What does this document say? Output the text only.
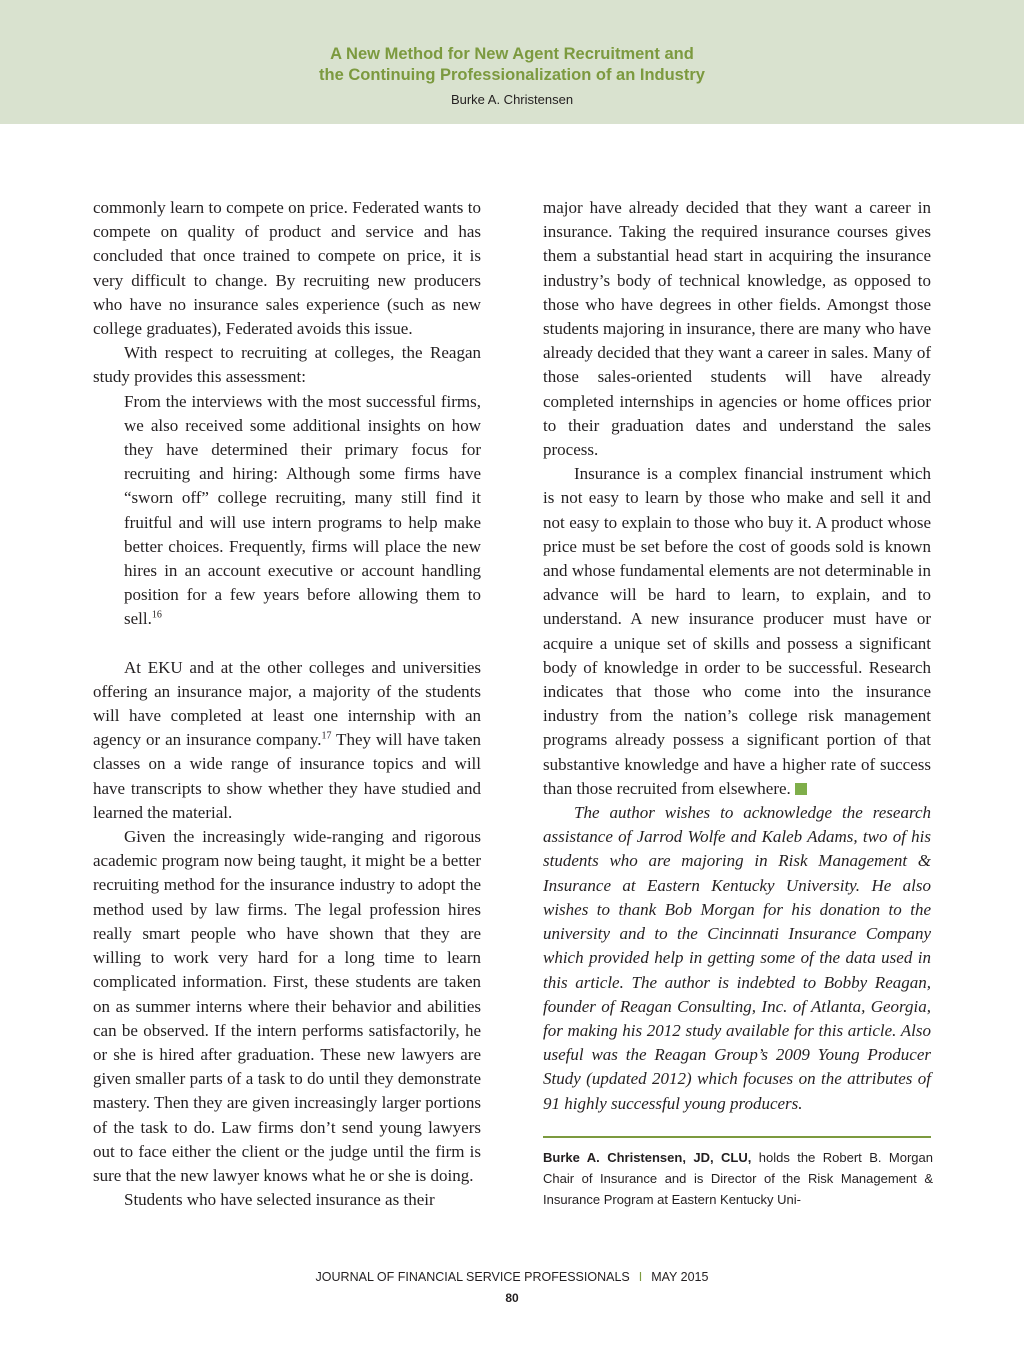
A New Method for New Agent Recruitment and
the Continuing Professionalization of an Industry
Burke A. Christensen

commonly learn to compete on price. Federated wants to compete on quality of product and service and has concluded that once trained to compete on price, it is very difficult to change. By recruiting new producers who have no insurance sales experience (such as new college graduates), Federated avoids this issue.

With respect to recruiting at colleges, the Reagan study provides this assessment:

From the interviews with the most successful firms, we also received some additional insights on how they have determined their primary focus for recruiting and hiring: Although some firms have “sworn off” college recruiting, many still find it fruitful and will use intern programs to help make better choices. Frequently, firms will place the new hires in an account executive or account handling position for a few years before allowing them to sell.$^{16}$

At EKU and at the other colleges and universities offering an insurance major, a majority of the students will have completed at least one internship with an agency or an insurance company.$^{17}$ They will have taken classes on a wide range of insurance topics and will have transcripts to show whether they have studied and learned the material.

Given the increasingly wide-ranging and rigorous academic program now being taught, it might be a better recruiting method for the insurance industry to adopt the method used by law firms. The legal profession hires really smart people who have shown that they are willing to work very hard for a long time to learn complicated information. First, these students are taken on as summer interns where their behavior and abilities can be observed. If the intern performs satisfactorily, he or she is hired after graduation. These new lawyers are given smaller parts of a task to do until they demonstrate mastery. Then they are given increasingly larger portions of the task to do. Law firms don’t send young lawyers out to face either the client or the judge until the firm is sure that the new lawyer knows what he or she is doing.

Students who have selected insurance as their

major have already decided that they want a career in insurance. Taking the required insurance courses gives them a substantial head start in acquiring the insurance industry’s body of technical knowledge, as opposed to those who have degrees in other fields. Amongst those students majoring in insurance, there are many who have already decided that they want a career in sales. Many of those sales-oriented students will have already completed internships in agencies or home offices prior to their graduation dates and understand the sales process.

Insurance is a complex financial instrument which is not easy to learn by those who make and sell it and not easy to explain to those who buy it. A product whose price must be set before the cost of goods sold is known and whose fundamental elements are not determinable in advance will be hard to learn, to explain, and to understand. A new insurance producer must have or acquire a unique set of skills and possess a significant body of knowledge in order to be successful. Research indicates that those who come into the insurance industry from the nation’s college risk management programs already possess a significant portion of that substantive knowledge and have a higher rate of success than those recruited from elsewhere.

The author wishes to acknowledge the research assistance of Jarrod Wolfe and Kaleb Adams, two of his students who are majoring in Risk Management & Insurance at Eastern Kentucky University. He also wishes to thank Bob Morgan for his donation to the university and to the Cincinnati Insurance Company which provided help in getting some of the data used in this article. The author is indebted to Bobby Reagan, founder of Reagan Consulting, Inc. of Atlanta, Georgia, for making his 2012 study available for this article. Also useful was the Reagan Group’s 2009 Young Producer Study (updated 2012) which focuses on the attributes of 91 highly successful young producers.

Burke A. Christensen, JD, CLU, holds the Robert B. Morgan Chair of Insurance and is Director of the Risk Management & Insurance Program at Eastern Kentucky Uni-
JOURNAL OF FINANCIAL SERVICE PROFESSIONALS I MAY 2015
80
